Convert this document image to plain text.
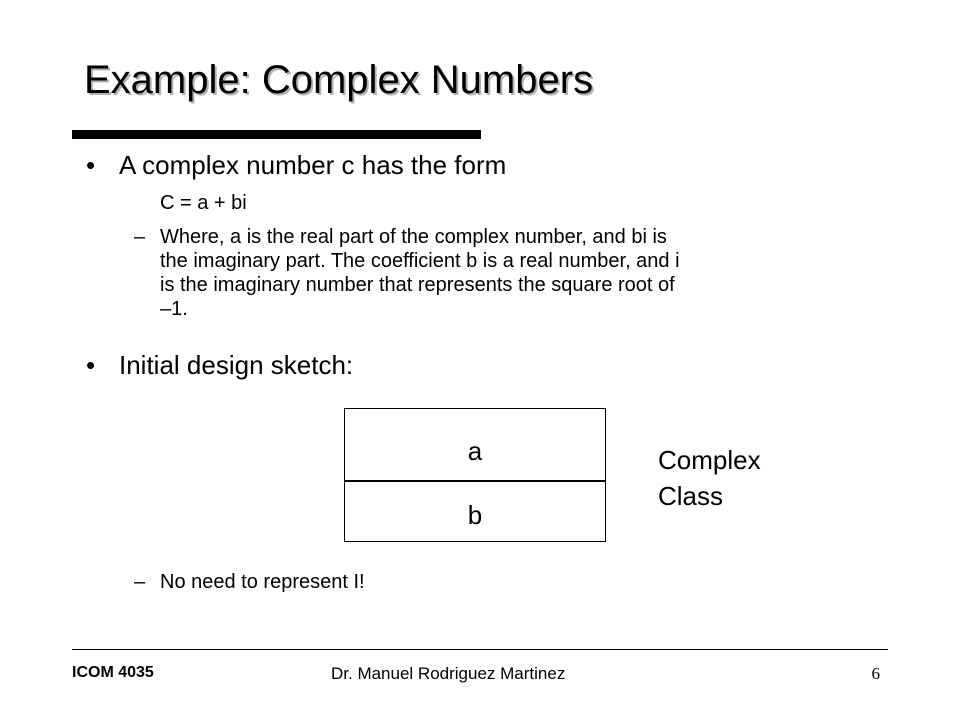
Example: Complex Numbers
• A complex number c has the form
C = a + bi
– Where, a is the real part of the complex number, and bi is
the imaginary part. The coefficient b is a real number, and i
is the imaginary number that represents the square root of
–1.

• Initial design sketch:
a
b

Complex
Class

– No need to represent I!
ICOM 4035	Dr. Manuel Rodriguez Martinez	6
